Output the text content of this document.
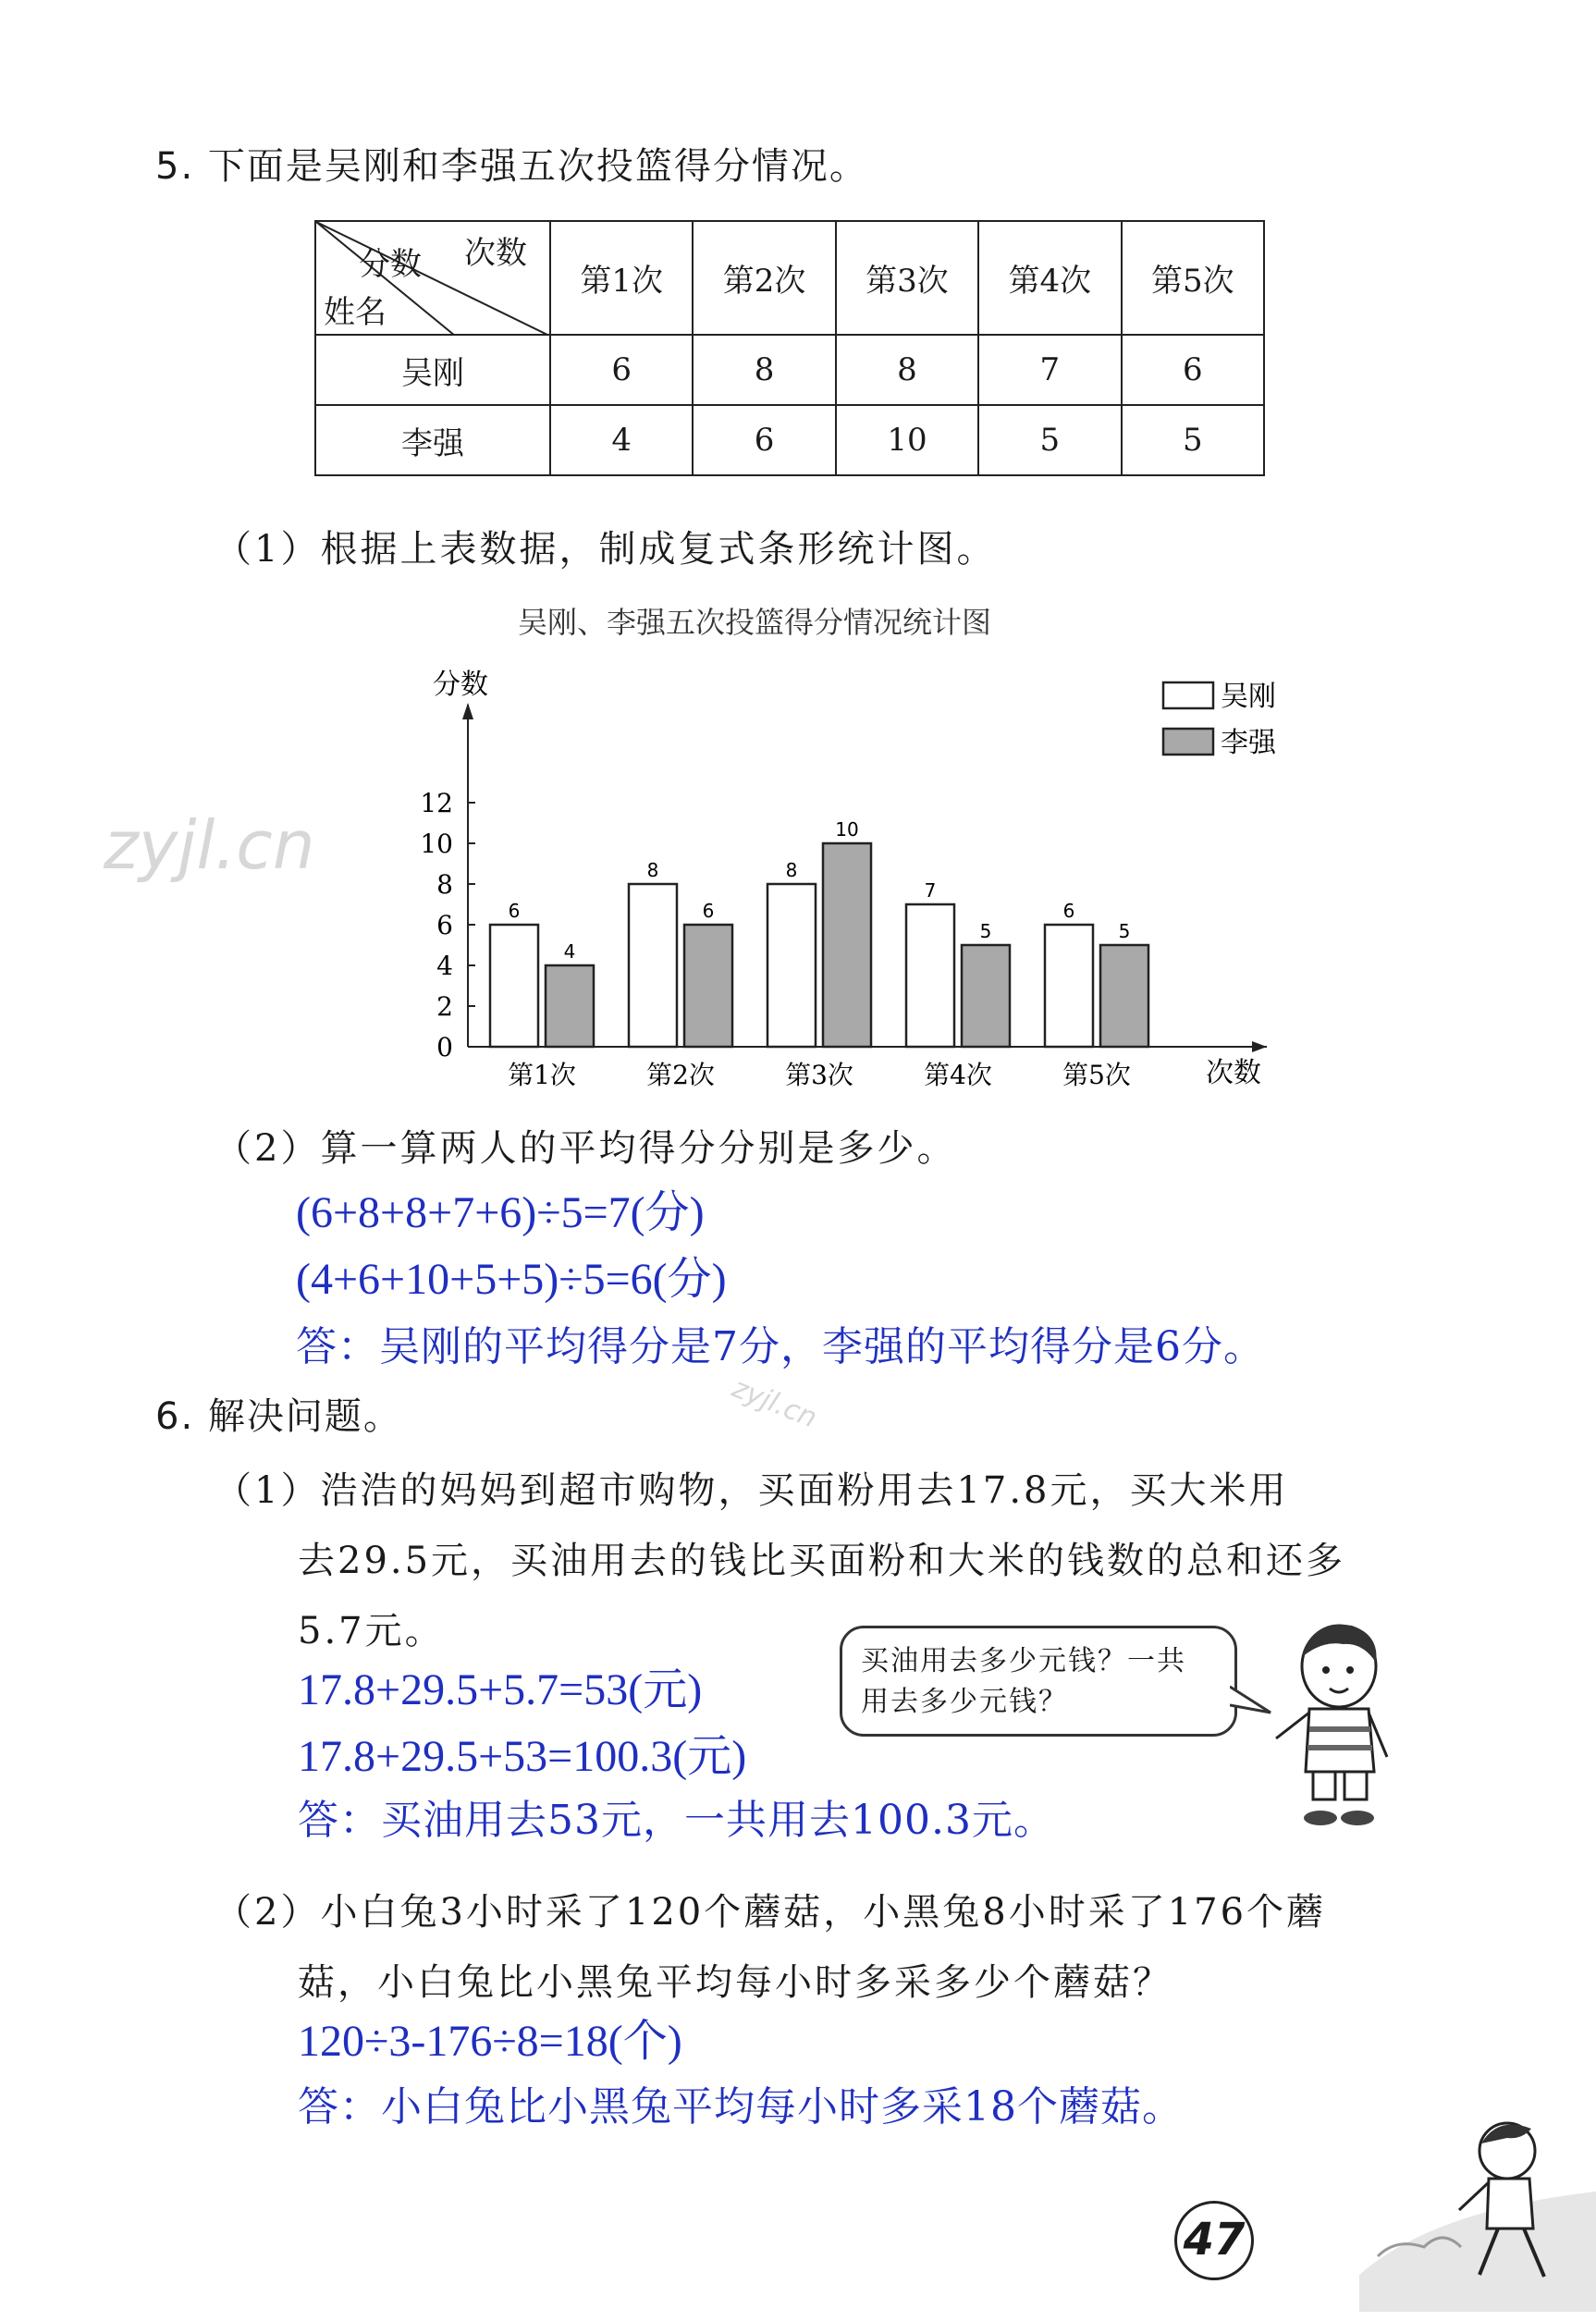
5. 下面是吴刚和李强五次投篮得分情况。
次数
分数
姓名	第1次	第2次	第3次	第4次	第5次
吴刚	6	8	8	7	6
李强	4	6	10	5	5
（1）根据上表数据，制成复式条形统计图。
吴刚、李强五次投篮得分情况统计图
zyjl.cn
分数
次数
0
2
4
6
8
10
12
6
4
第1次
8
6
第2次
8
10
第3次
7
5
第4次
6
5
第5次
吴刚
李强
（2）算一算两人的平均得分分别是多少。
(6+8+8+7+6)÷5=7(分)
(4+6+10+5+5)÷5=6(分)
答：吴刚的平均得分是7分，李强的平均得分是6分。
6. 解决问题。	zyjl.cn
（1）浩浩的妈妈到超市购物，买面粉用去17.8元，买大米用
去29.5元，买油用去的钱比买面粉和大米的钱数的总和还多
5.7元。
17.8+29.5+5.7=53(元)
17.8+29.5+53=100.3(元)
答：买油用去53元，一共用去100.3元。
买油用去多少元钱？一共
用去多少元钱？
（2）小白兔3小时采了120个蘑菇，小黑兔8小时采了176个蘑
菇，小白兔比小黑兔平均每小时多采多少个蘑菇？
120÷3-176÷8=18(个)
答：小白兔比小黑兔平均每小时多采18个蘑菇。
47
